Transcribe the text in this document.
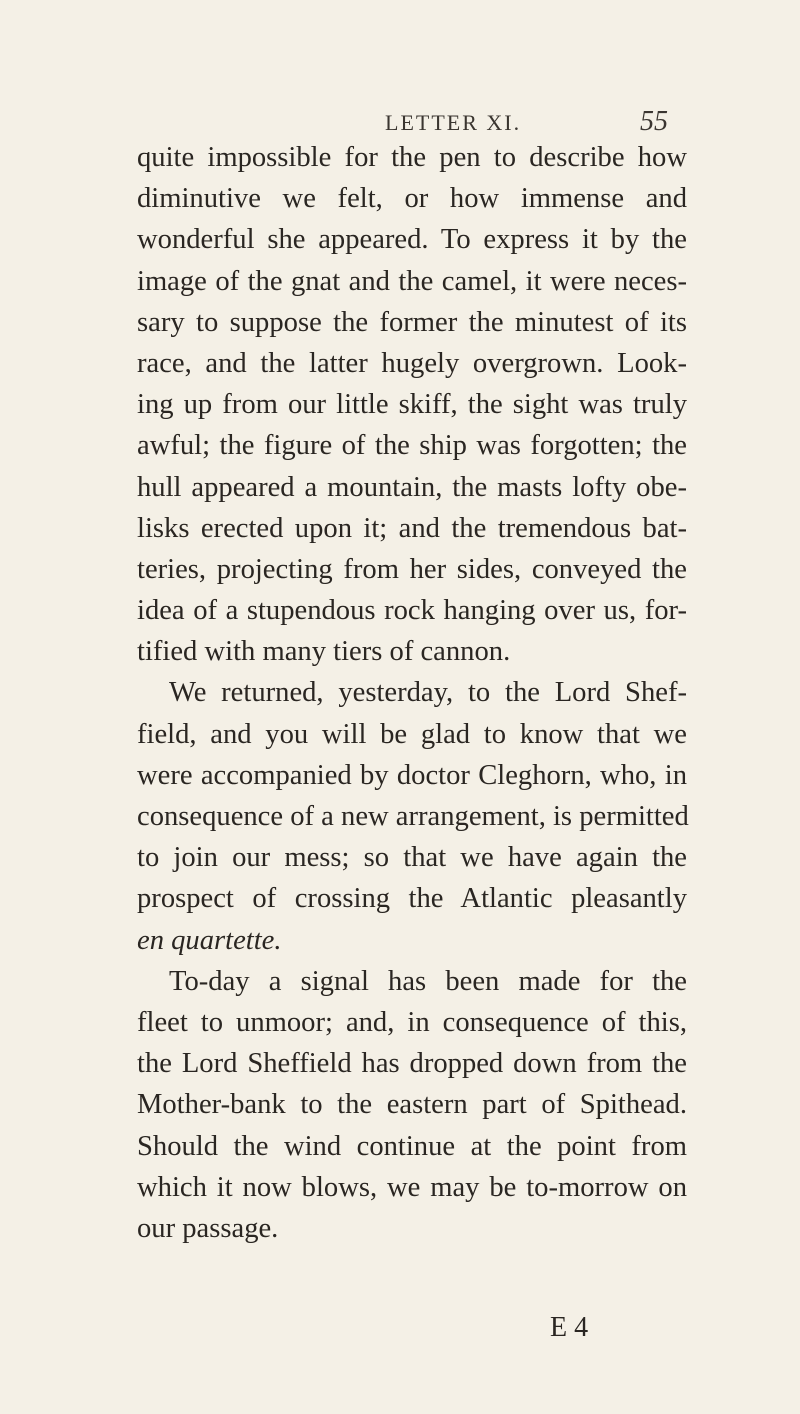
LETTER XI.	55
quite impossible for the pen to describe how
diminutive we felt, or how immense and
wonderful she appeared. To express it by the
image of the gnat and the camel, it were neces-
sary to suppose the former the minutest of its
race, and the latter hugely overgrown. Look-
ing up from our little skiff, the sight was truly
awful; the figure of the ship was forgotten; the
hull appeared a mountain, the masts lofty obe-
lisks erected upon it; and the tremendous bat-
teries, projecting from her sides, conveyed the
idea of a stupendous rock hanging over us, for-
tified with many tiers of cannon.
We returned, yesterday, to the Lord Shef-
field, and you will be glad to know that we
were accompanied by doctor Cleghorn, who, in
consequence of a new arrangement, is permitted
to join our mess; so that we have again the
prospect of crossing the Atlantic pleasantly
en quartette.
To-day a signal has been made for the
fleet to unmoor; and, in consequence of this,
the Lord Sheffield has dropped down from the
Mother-bank to the eastern part of Spithead.
Should the wind continue at the point from
which it now blows, we may be to-morrow on
our passage.
E 4
